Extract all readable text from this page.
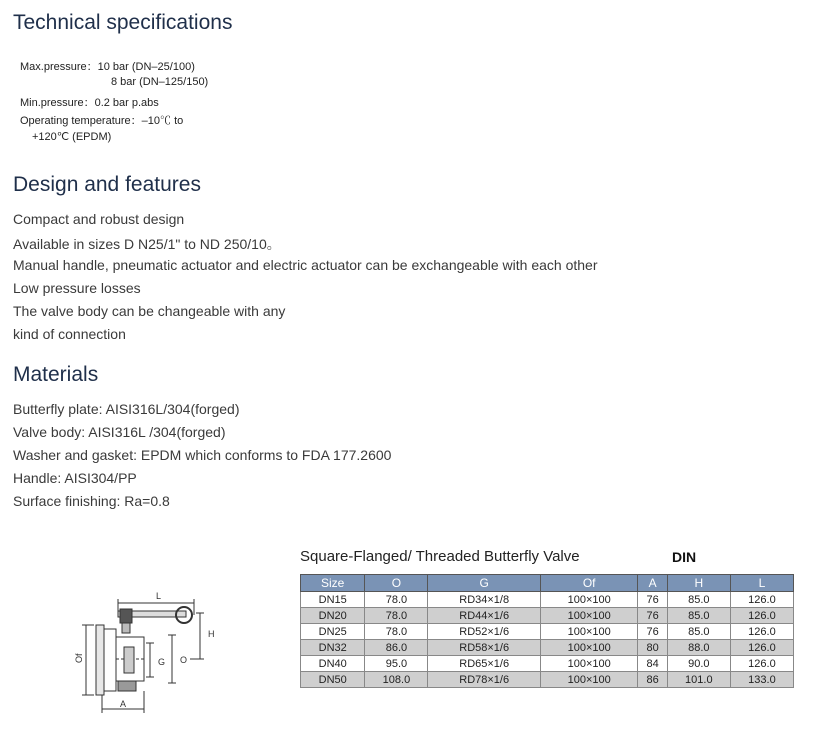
Technical specifications
Max.pressure：10 bar (DN–25/100)
8 bar (DN–125/150)
Min.pressure：0.2 bar p.abs
Operating temperature：–10℃ to
+120℃ (EPDM)
Design and features
Compact and robust design
Available in sizes D N25/1" to ND 250/10。
Manual handle, pneumatic actuator and electric actuator can be exchangeable with each other
Low pressure losses
The valve body can be changeable with any
kind of connection
Materials
Butterfly plate: AISI316L/304(forged)
Valve body: AISI316L /304(forged)
Washer and gasket: EPDM which conforms to FDA 177.2600
Handle: AISI304/PP
Surface finishing: Ra=0.8
L
H
Of	G O
A
Square-Flanged/ Threaded Butterfly Valve	DIN
Size	O	G	Of	A	H	L
DN15	78.0	RD34×1/8	100×100	76	85.0	126.0
DN20	78.0	RD44×1/6	100×100	76	85.0	126.0
DN25	78.0	RD52×1/6	100×100	76	85.0	126.0
DN32	86.0	RD58×1/6	100×100	80	88.0	126.0
DN40	95.0	RD65×1/6	100×100	84	90.0	126.0
DN50	108.0	RD78×1/6	100×100	86	101.0	133.0
